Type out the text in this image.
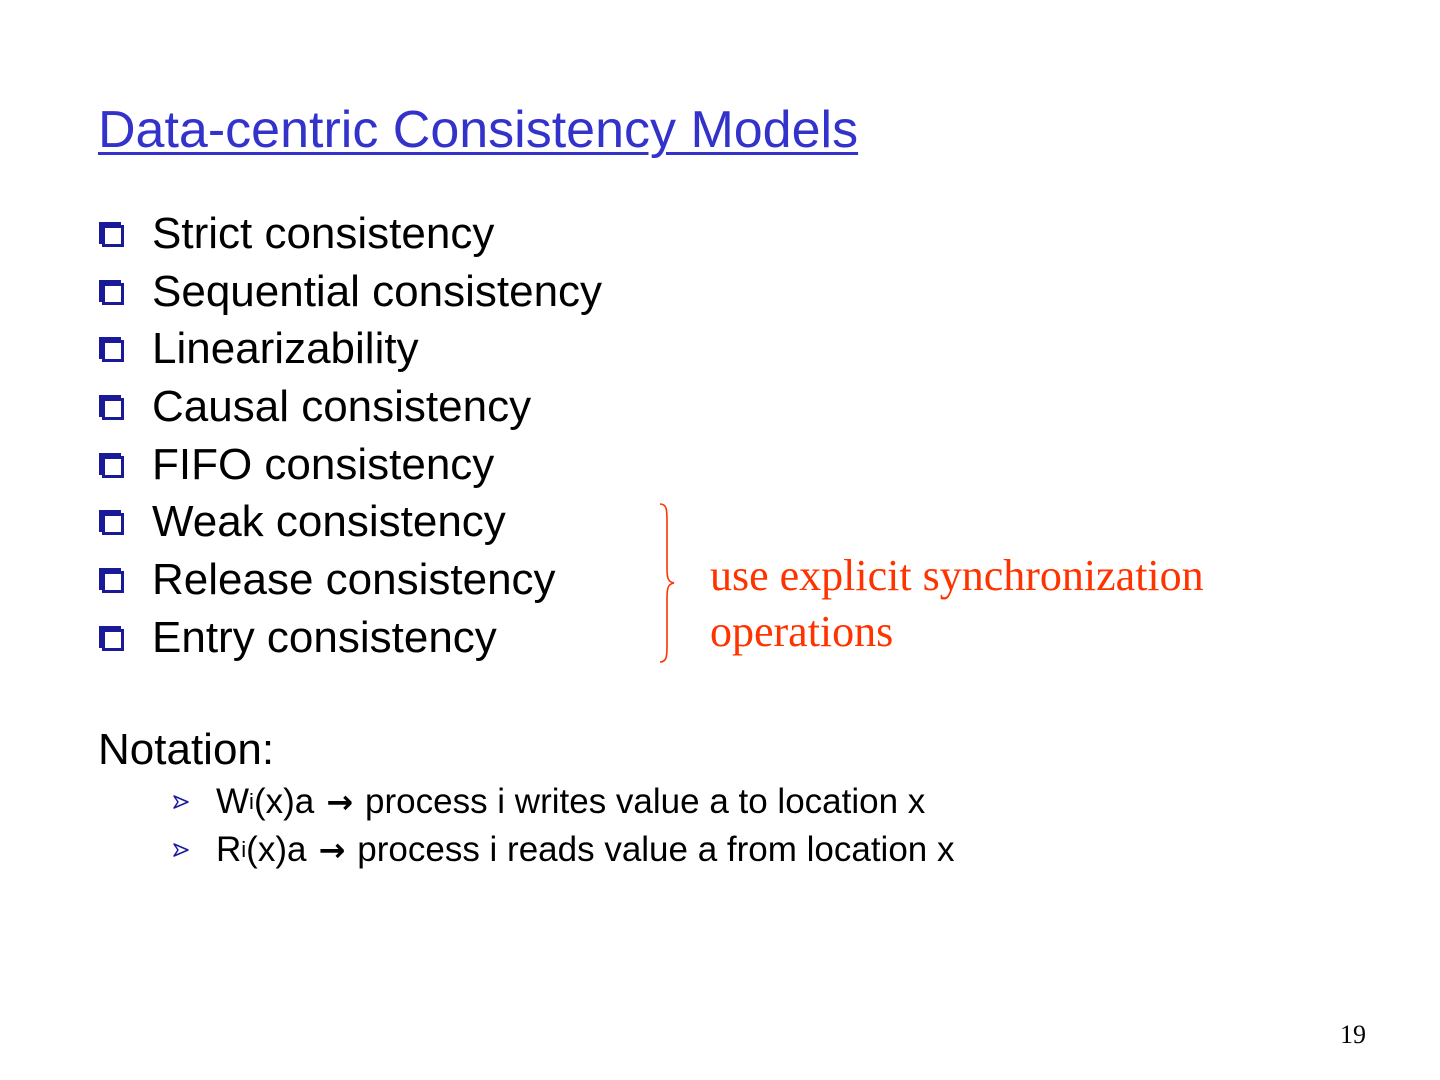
Data-centric Consistency Models
Strict consistency
Sequential consistency
Linearizability
Causal consistency
FIFO consistency
Weak consistency
Release consistency
Entry consistency
use explicit synchronization
operations
Notation:
W i (x)a → process i writes value a to location x
R i (x)a → process i reads value a from location x
19
